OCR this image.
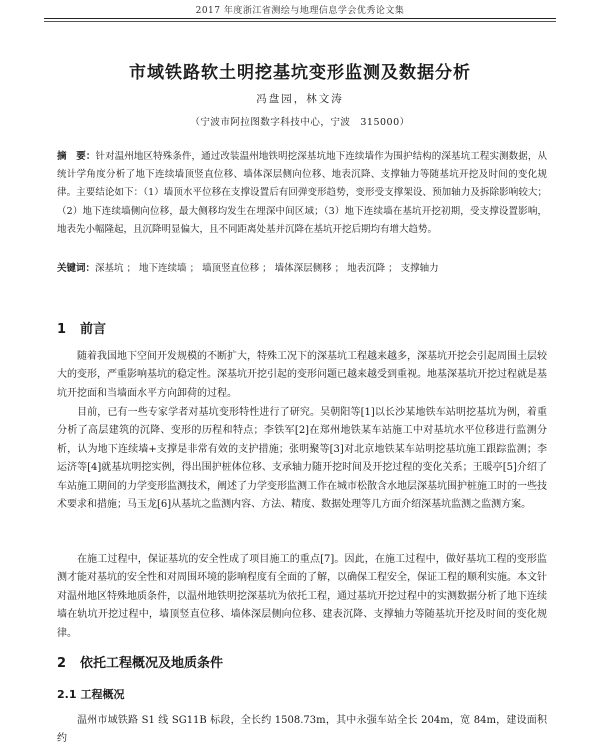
2017 年度浙江省测绘与地理信息学会优秀论文集
市域铁路软土明挖基坑变形监测及数据分析
冯盘园，林文涛
（宁波市阿拉图数字科技中心，宁波　315000）
摘　要：针对温州地区特殊条件，通过改装温州地铁明挖深基坑地下连续墙作为围护结构的深基坑工程实测数据，从统计学角度分析了地下连续墙顶竖直位移、墙体深层侧向位移、地表沉降、支撑轴力等随基坑开挖及时间的变化规律。主要结论如下：（1）墙顶水平位移在支撑设置后有回弹变形趋势，变形受支撑架设、预加轴力及拆除影响较大；（2）地下连续墙侧向位移，最大侧移均发生在埋深中间区域；（3）地下连续墙在基坑开挖初期，受支撑设置影响，地表先小幅隆起，且沉降明显偏大，且不同距离处基并沉降在基坑开挖后期均有增大趋势。
关键词：深基坑 ； 地下连续墙 ； 墙顶竖直位移 ； 墙体深层侧移 ； 地表沉降 ； 支撑轴力
1 前言
随着我国地下空间开发规模的不断扩大，特殊工况下的深基坑工程越来越多，深基坑开挖会引起周围土层较大的变形，严重影响基坑的稳定性。深基坑开挖引起的变形问题已越来越受到重视。地基深基坑开挖过程就是基坑开挖面和当墙面水平方向卸荷的过程。
目前，已有一些专家学者对基坑变形特性进行了研究。吴朝阳等[1]以长沙某地铁车站明挖基坑为例，着重分析了高层建筑的沉降、变形的历程和特点；李铁军[2]在郑州地铁某车站施工中对基坑水平位移进行监测分析，认为地下连续墙+支撑是非常有效的支护措施；张明聚等[3]对北京地铁某车站明挖基坑施工跟踪监测；李运济等[4]就基坑明挖实例，得出围护桩体位移、支承轴力随开挖时间及开挖过程的变化关系；王暖亭[5]介绍了车站施工期间的力学变形监测技术，阐述了力学变形监测工作在城市松散含水地层深基坑围护桩施工时的一些技术要求和措施；马玉龙[6]从基坑之监测内容、方法、精度、数据处理等几方面介绍深基坑监测之监测方案。
在施工过程中，保证基坑的安全性成了项目施工的重点[7]。因此，在施工过程中，做好基坑工程的变形监测才能对基坑的安全性和对周围环境的影响程度有全面的了解，以确保工程安全，保证工程的顺利实施。本文针对温州地区特殊地质条件，以温州地铁明挖深基坑为依托工程，通过基坑开挖过程中的实测数据分析了地下连续墙在轨坑开挖过程中，墙顶竖直位移、墙体深层侧向位移、建表沉降、支撑轴力等随基坑开挖及时间的变化规律。
2 依托工程概况及地质条件
2.1 工程概况
温州市域铁路 S1 线 SG11B 标段，全长约 1508.73m，其中永强车站全长 204m，宽 84m，建设面积约
